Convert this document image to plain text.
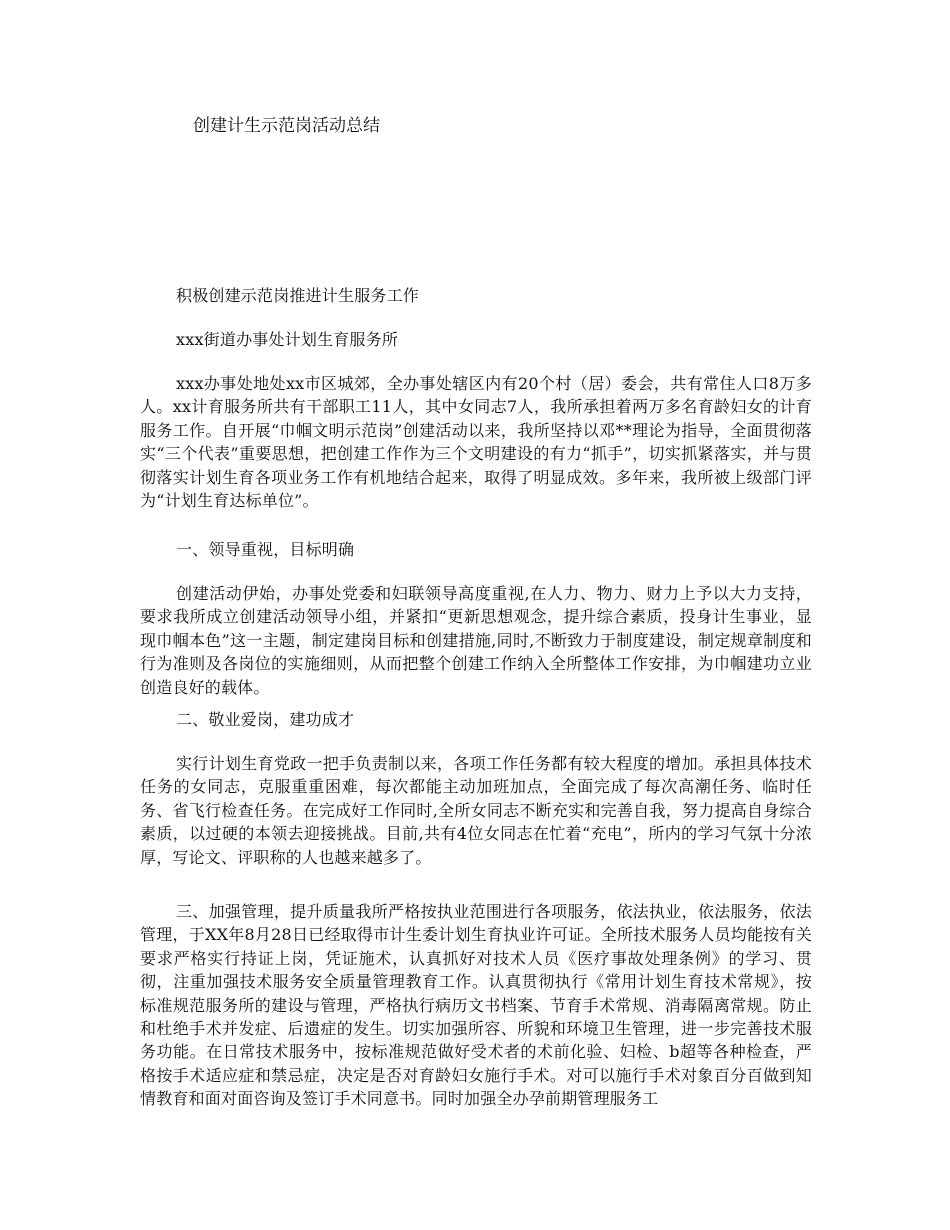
创建计生示范岗活动总结

积极创建示范岗推进计生服务工作

xxx街道办事处计划生育服务所

xxx办事处地处xx市区城郊，全办事处辖区内有20个村（居）委会，共有常住人口8万多人。xx计育服务所共有干部职工11人，其中女同志7人，我所承担着两万多名育龄妇女的计育服务工作。自开展“巾帼文明示范岗”创建活动以来，我所坚持以邓**理论为指导，全面贯彻落实“三个代表”重要思想，把创建工作作为三个文明建设的有力“抓手”，切实抓紧落实，并与贯彻落实计划生育各项业务工作有机地结合起来，取得了明显成效。多年来，我所被上级部门评为“计划生育达标单位”。

一、领导重视，目标明确

创建活动伊始，办事处党委和妇联领导高度重视,在人力、物力、财力上予以大力支持，要求我所成立创建活动领导小组，并紧扣“更新思想观念，提升综合素质，投身计生事业，显现巾帼本色”这一主题，制定建岗目标和创建措施,同时,不断致力于制度建设，制定规章制度和行为准则及各岗位的实施细则，从而把整个创建工作纳入全所整体工作安排，为巾帼建功立业创造良好的载体。

二、敬业爱岗，建功成才

实行计划生育党政一把手负责制以来，各项工作任务都有较大程度的增加。承担具体技术任务的女同志，克服重重困难，每次都能主动加班加点，全面完成了每次高潮任务、临时任务、省飞行检查任务。在完成好工作同时,全所女同志不断充实和完善自我，努力提高自身综合素质，以过硬的本领去迎接挑战。目前,共有4位女同志在忙着“充电”，所内的学习气氛十分浓厚，写论文、评职称的人也越来越多了。

三、加强管理，提升质量我所严格按执业范围进行各项服务，依法执业，依法服务，依法管理，于XX年8月28日已经取得市计生委计划生育执业许可证。全所技术服务人员均能按有关要求严格实行持证上岗，凭证施术，认真抓好对技术人员《医疗事故处理条例》的学习、贯彻，注重加强技术服务安全质量管理教育工作。认真贯彻执行《常用计划生育技术常规》，按标准规范服务所的建设与管理，严格执行病历文书档案、节育手术常规、消毒隔离常规。防止和杜绝手术并发症、后遗症的发生。切实加强所容、所貌和环境卫生管理，进一步完善技术服务功能。在日常技术服务中，按标准规范做好受术者的术前化验、妇检、b超等各种检查，严格按手术适应症和禁忌症，决定是否对育龄妇女施行手术。对可以施行手术对象百分百做到知情教育和面对面咨询及签订手术同意书。同时加强全办孕前期管理服务工
